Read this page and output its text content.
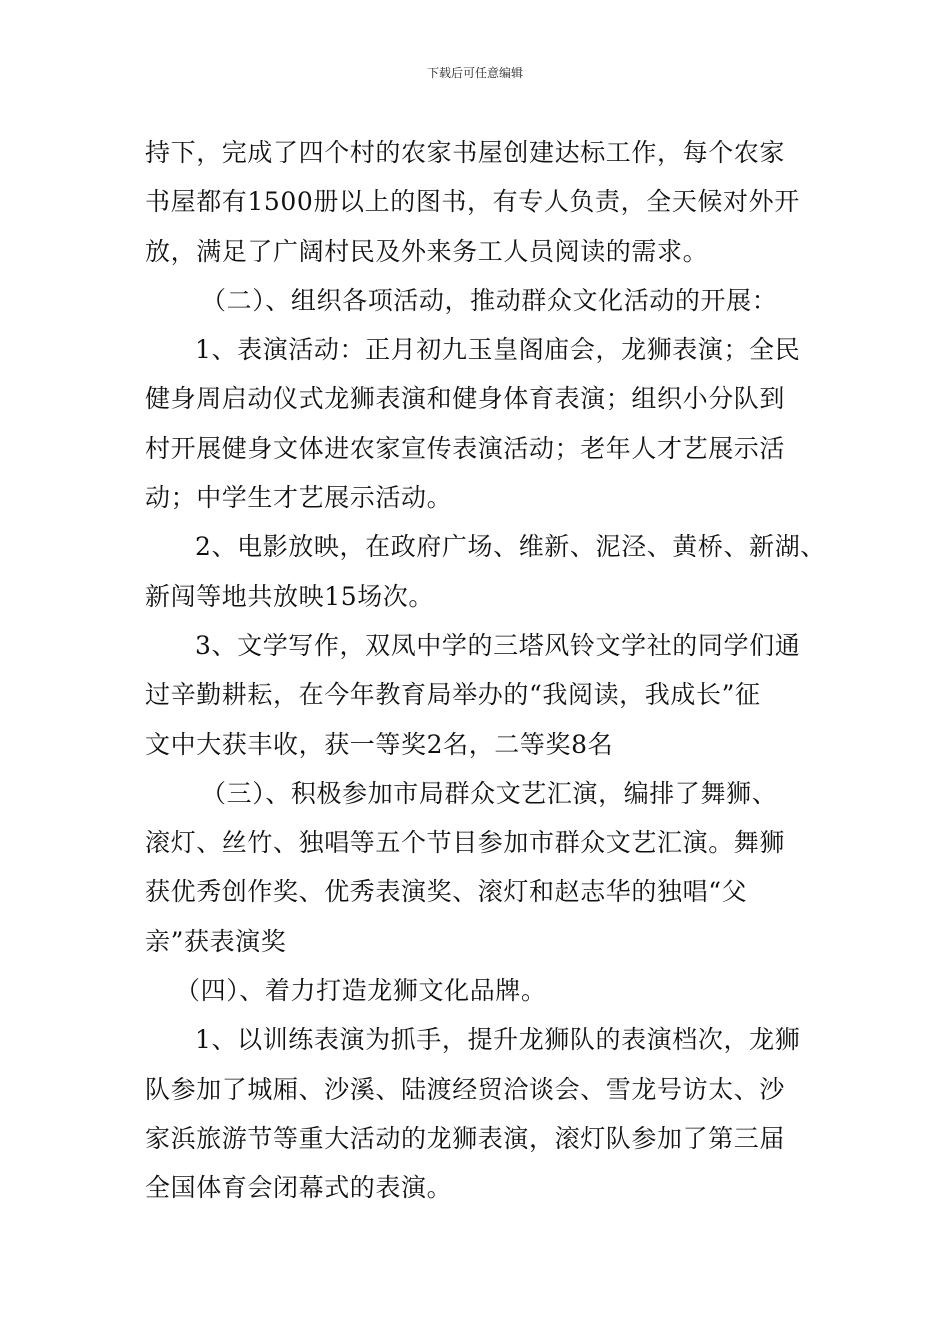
下载后可任意编辑
持下，完成了四个村的农家书屋创建达标工作，每个农家
书屋都有1500册以上的图书，有专人负责，全天候对外开
放，满足了广阔村民及外来务工人员阅读的需求。
（二）、组织各项活动，推动群众文化活动的开展：
1、表演活动：正月初九玉皇阁庙会，龙狮表演；全民
健身周启动仪式龙狮表演和健身体育表演；组织小分队到
村开展健身文体进农家宣传表演活动；老年人才艺展示活
动；中学生才艺展示活动。
2、电影放映，在政府广场、维新、泥泾、黄桥、新湖、
新闯等地共放映15场次。
3、文学写作，双凤中学的三塔风铃文学社的同学们通
过辛勤耕耘，在今年教育局举办的“我阅读，我成长”征
文中大获丰收，获一等奖2名，二等奖8名
（三）、积极参加市局群众文艺汇演，编排了舞狮、
滚灯、丝竹、独唱等五个节目参加市群众文艺汇演。舞狮
获优秀创作奖、优秀表演奖、滚灯和赵志华的独唱“父
亲”获表演奖
（四）、着力打造龙狮文化品牌。
1、以训练表演为抓手，提升龙狮队的表演档次，龙狮
队参加了城厢、沙溪、陆渡经贸洽谈会、雪龙号访太、沙
家浜旅游节等重大活动的龙狮表演，滚灯队参加了第三届
全国体育会闭幕式的表演。
